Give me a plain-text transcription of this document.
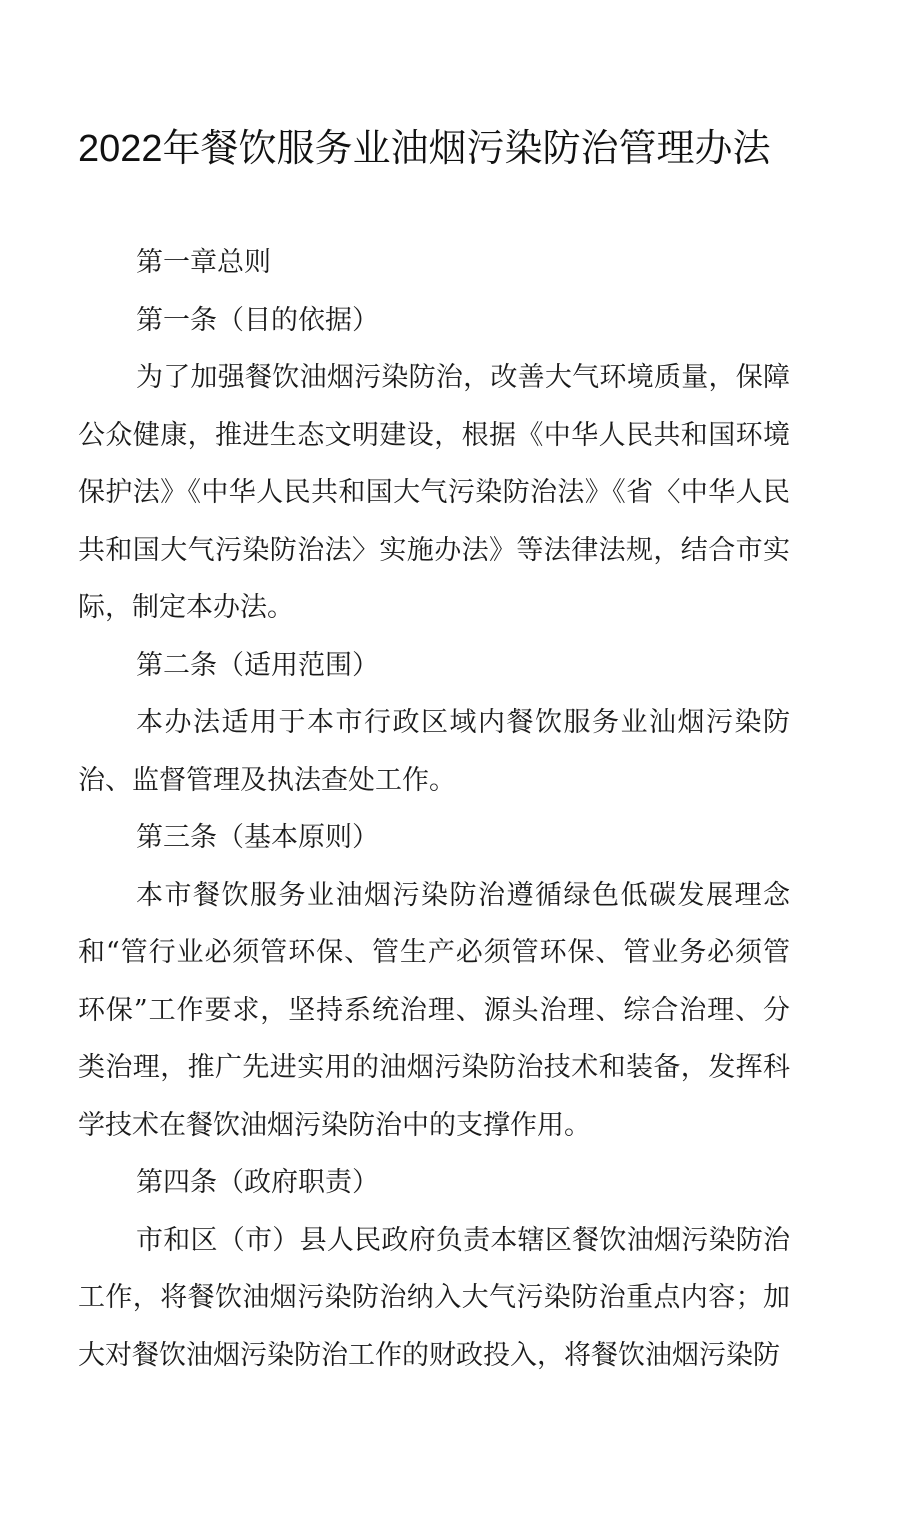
2022年餐饮服务业油烟污染防治管理办法

第一章总则

第一条（目的依据）

为了加强餐饮油烟污染防治，改善大气环境质量，保障公众健康，推进生态文明建设，根据《中华人民共和国环境保护法》《中华人民共和国大气污染防治法》《省〈中华人民共和国大气污染防治法〉实施办法》等法律法规，结合市实际，制定本办法。

第二条（适用范围）

本办法适用于本市行政区域内餐饮服务业汕烟污染防治、监督管理及执法查处工作。

第三条（基本原则）

本市餐饮服务业油烟污染防治遵循绿色低碳发展理念和“管行业必须管环保、管生产必须管环保、管业务必须管环保”工作要求，坚持系统治理、源头治理、综合治理、分类治理，推广先进实用的油烟污染防治技术和装备，发挥科学技术在餐饮油烟污染防治中的支撑作用。

第四条（政府职责）

市和区（市）县人民政府负责本辖区餐饮油烟污染防治工作，将餐饮油烟污染防治纳入大气污染防治重点内容；加大对餐饮油烟污染防治工作的财政投入，将餐饮油烟污染防
